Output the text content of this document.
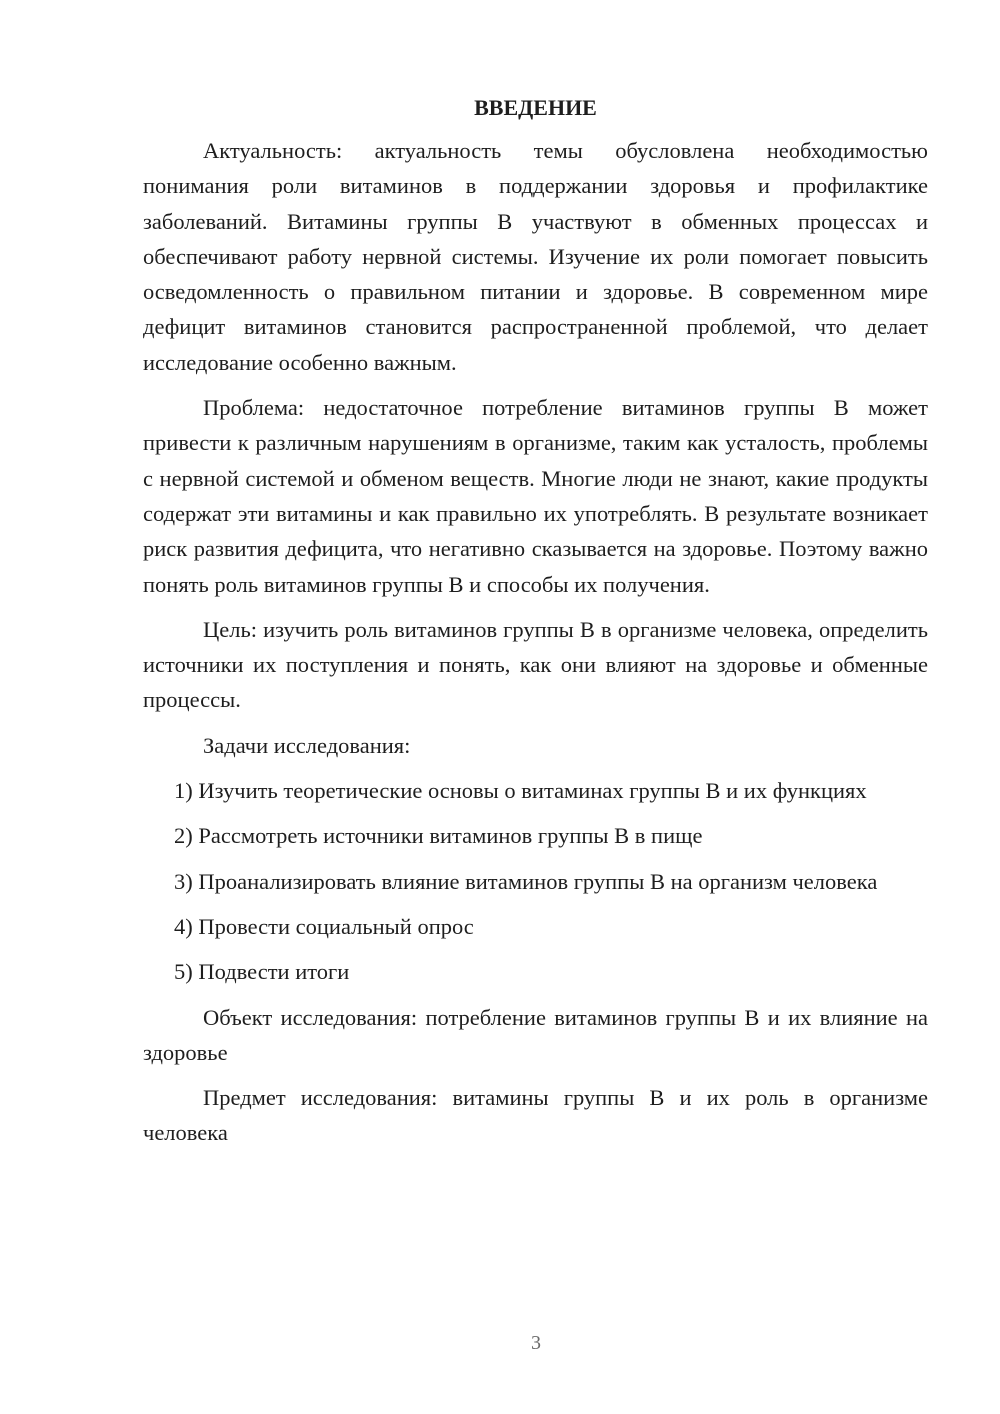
ВВЕДЕНИЕ

Актуальность: актуальность темы обусловлена необходимостью понимания роли витаминов в поддержании здоровья и профилактике заболеваний. Витамины группы В участвуют в обменных процессах и обеспечивают работу нервной системы. Изучение их роли помогает повысить осведомленность о правильном питании и здоровье. В современном мире дефицит витаминов становится распространенной проблемой, что делает исследование особенно важным.

Проблема: недостаточное потребление витаминов группы В может привести к различным нарушениям в организме, таким как усталость, проблемы с нервной системой и обменом веществ. Многие люди не знают, какие продукты содержат эти витамины и как правильно их употреблять. В результате возникает риск развития дефицита, что негативно сказывается на здоровье. Поэтому важно понять роль витаминов группы В и способы их получения.

Цель: изучить роль витаминов группы В в организме человека, определить источники их поступления и понять, как они влияют на здоровье и обменные процессы.

Задачи исследования:

1) Изучить теоретические основы о витаминах группы В и их функциях

2) Рассмотреть источники витаминов группы В в пище

3) Проанализировать влияние витаминов группы В на организм человека

4) Провести социальный опрос

5) Подвести итоги

Объект исследования: потребление витаминов группы В и их влияние на здоровье

Предмет исследования: витамины группы В и их роль в организме человека

3
